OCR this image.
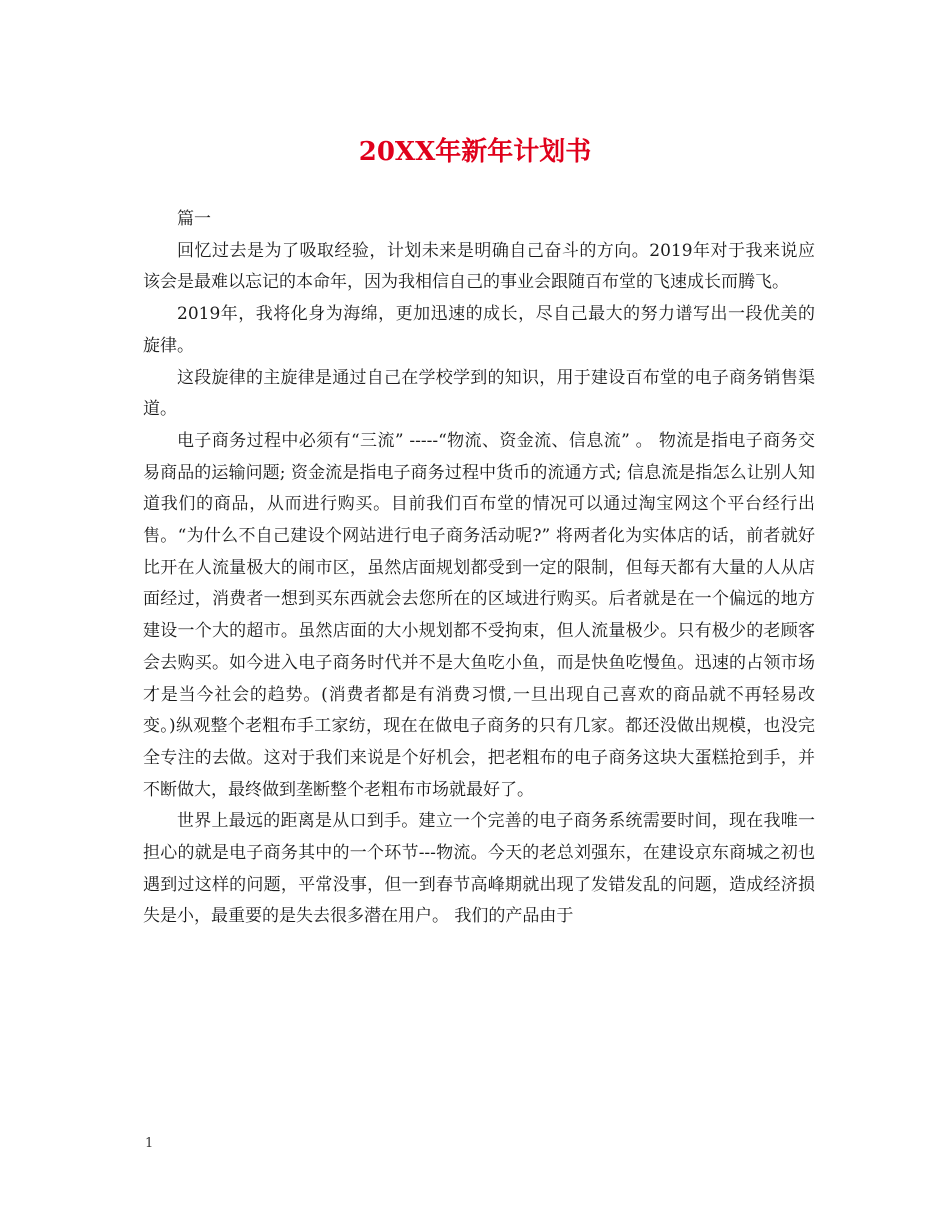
20XX年新年计划书

篇一

回忆过去是为了吸取经验，计划未来是明确自己奋斗的方向。2019年对于我来说应该会是最难以忘记的本命年，因为我相信自己的事业会跟随百布堂的飞速成长而腾飞。

2019年，我将化身为海绵，更加迅速的成长，尽自己最大的努力谱写出一段优美的旋律。

这段旋律的主旋律是通过自己在学校学到的知识，用于建设百布堂的电子商务销售渠道。

电子商务过程中必须有“三流” -----“物流、资金流、信息流” 。 物流是指电子商务交易商品的运输问题; 资金流是指电子商务过程中货币的流通方式; 信息流是指怎么让别人知道我们的商品，从而进行购买。目前我们百布堂的情况可以通过淘宝网这个平台经行出售。“为什么不自己建设个网站进行电子商务活动呢?” 将两者化为实体店的话，前者就好比开在人流量极大的闹市区，虽然店面规划都受到一定的限制，但每天都有大量的人从店面经过，消费者一想到买东西就会去您所在的区域进行购买。后者就是在一个偏远的地方建设一个大的超市。虽然店面的大小规划都不受拘束，但人流量极少。只有极少的老顾客会去购买。如今进入电子商务时代并不是大鱼吃小鱼，而是快鱼吃慢鱼。迅速的占领市场才是当今社会的趋势。(消费者都是有消费习惯,一旦出现自己喜欢的商品就不再轻易改变。)纵观整个老粗布手工家纺，现在在做电子商务的只有几家。都还没做出规模，也没完全专注的去做。这对于我们来说是个好机会，把老粗布的电子商务这块大蛋糕抢到手，并不断做大，最终做到垄断整个老粗布市场就最好了。

世界上最远的距离是从口到手。建立一个完善的电子商务系统需要时间，现在我唯一担心的就是电子商务其中的一个环节---物流。今天的老总刘强东，在建设京东商城之初也遇到过这样的问题，平常没事，但一到春节高峰期就出现了发错发乱的问题，造成经济损失是小，最重要的是失去很多潜在用户。 我们的产品由于

1
